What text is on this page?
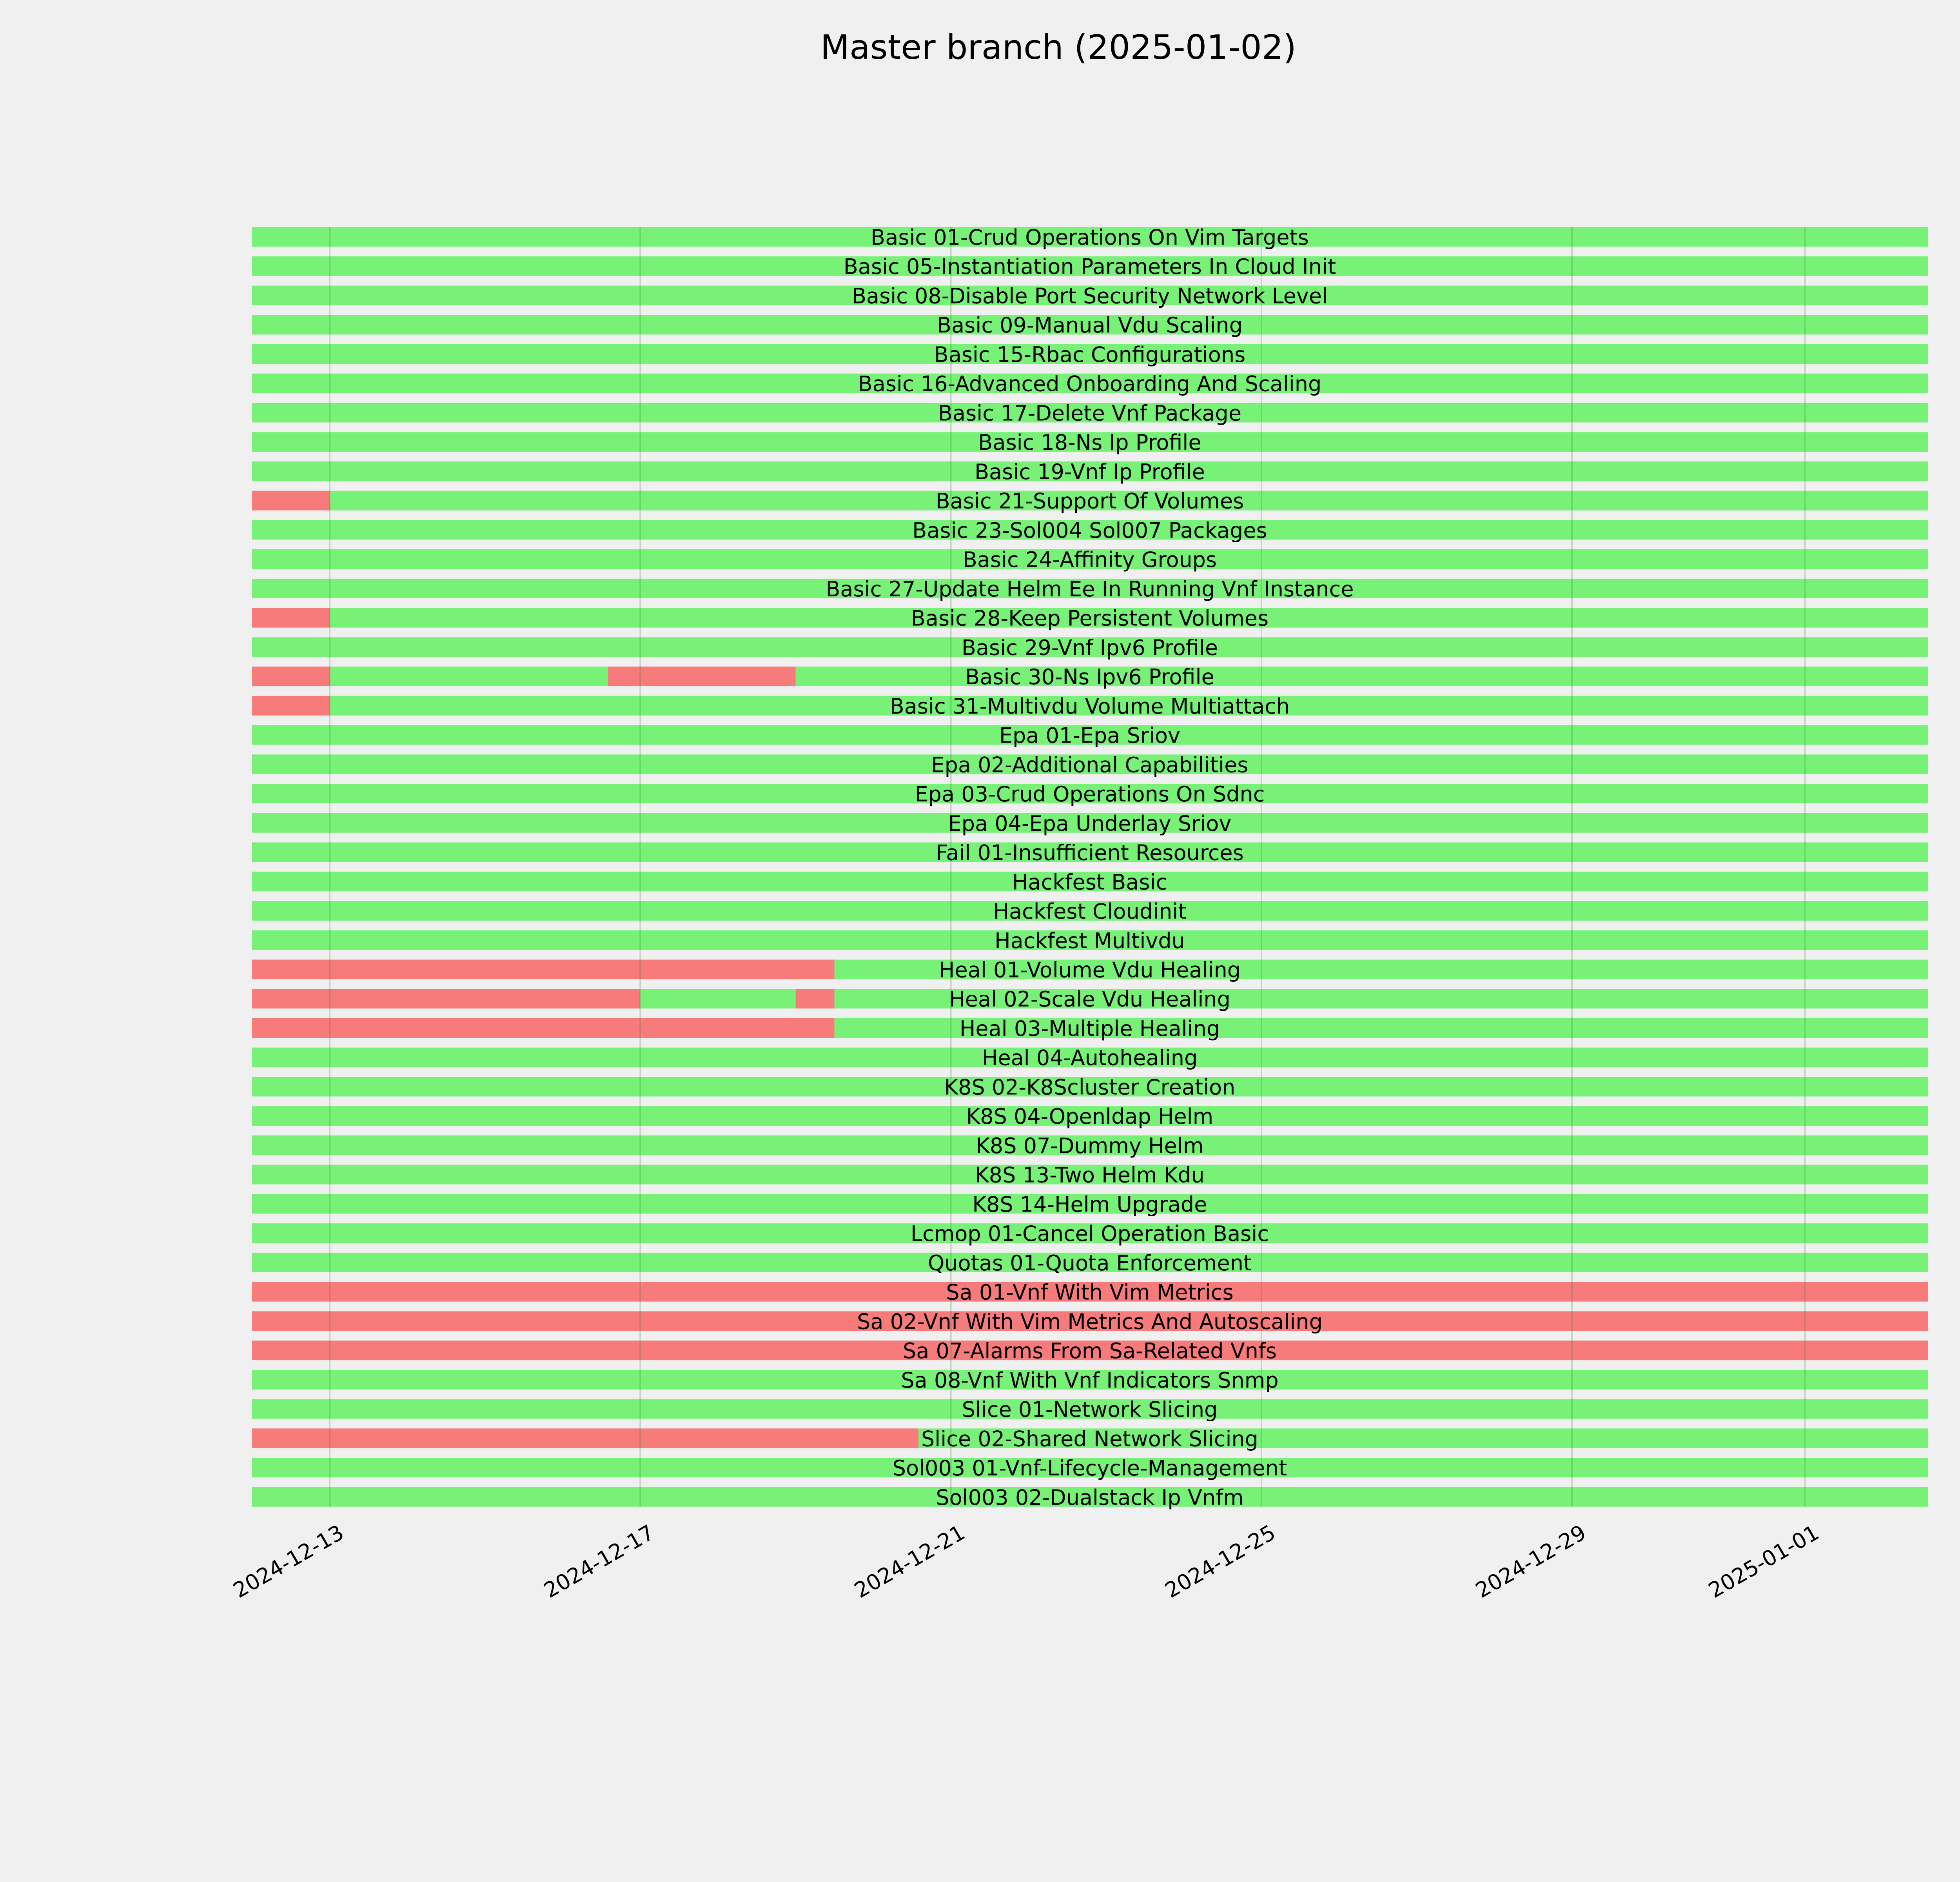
Master branch (2025-01-02)
Basic 01-Crud Operations On Vim Targets
Basic 05-Instantiation Parameters In Cloud Init
Basic 08-Disable Port Security Network Level
Basic 09-Manual Vdu Scaling
Basic 15-Rbac Configurations
Basic 16-Advanced Onboarding And Scaling
Basic 17-Delete Vnf Package
Basic 18-Ns Ip Profile
Basic 19-Vnf Ip Profile
Basic 21-Support Of Volumes
Basic 23-Sol004 Sol007 Packages
Basic 24-Affinity Groups
Basic 27-Update Helm Ee In Running Vnf Instance
Basic 28-Keep Persistent Volumes
Basic 29-Vnf Ipv6 Profile
Basic 30-Ns Ipv6 Profile
Basic 31-Multivdu Volume Multiattach
Epa 01-Epa Sriov
Epa 02-Additional Capabilities
Epa 03-Crud Operations On Sdnc
Epa 04-Epa Underlay Sriov
Fail 01-Insufficient Resources
Hackfest Basic
Hackfest Cloudinit
Hackfest Multivdu
Heal 01-Volume Vdu Healing
Heal 02-Scale Vdu Healing
Heal 03-Multiple Healing
Heal 04-Autohealing
K8S 02-K8Scluster Creation
K8S 04-Openldap Helm
K8S 07-Dummy Helm
K8S 13-Two Helm Kdu
K8S 14-Helm Upgrade
Lcmop 01-Cancel Operation Basic
Quotas 01-Quota Enforcement
Sa 01-Vnf With Vim Metrics
Sa 02-Vnf With Vim Metrics And Autoscaling
Sa 07-Alarms From Sa-Related Vnfs
Sa 08-Vnf With Vnf Indicators Snmp
Slice 01-Network Slicing
Slice 02-Shared Network Slicing
Sol003 01-Vnf-Lifecycle-Management
Sol003 02-Dualstack Ip Vnfm
2024-12-13	2024-12-17	2024-12-21	2024-12-25	2024-12-29	2025-01-01
